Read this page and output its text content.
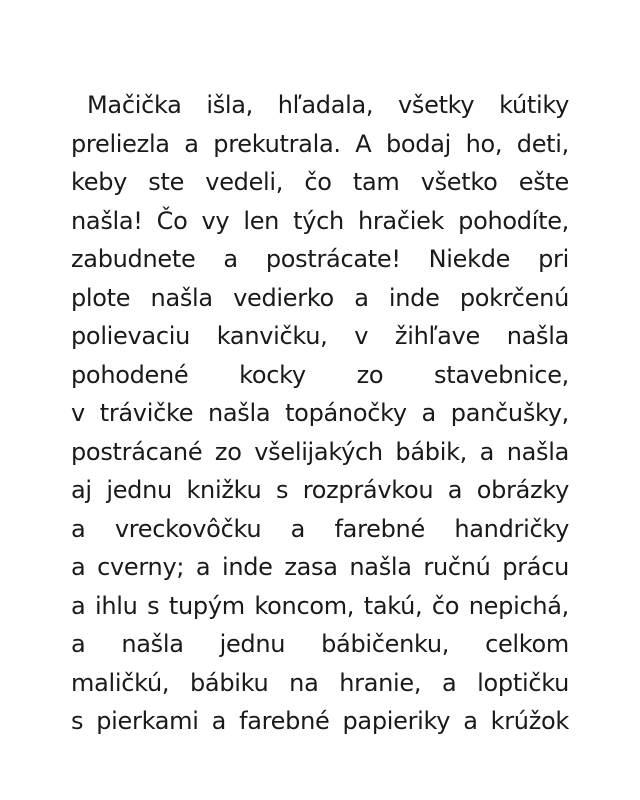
Mačička išla, hľadala, všetky kútiky
preliezla a prekutrala. A bodaj ho, deti,
keby ste vedeli, čo tam všetko ešte
našla! Čo vy len tých hračiek pohodíte,
zabudnete a postrácate! Niekde pri
plote našla vedierko a inde pokrčenú
polievaciu kanvičku, v žihľave našla
pohodené kocky zo stavebnice,
v trávičke našla topánočky a pančušky,
postrácané zo všelijakých bábik, a našla
aj jednu knižku s rozprávkou a obrázky
a vreckovôčku a farebné handričky
a cverny; a inde zasa našla ručnú prácu
a ihlu s tupým koncom, takú, čo nepichá,
a našla jednu bábičenku, celkom
maličkú, bábiku na hranie, a loptičku
s pierkami a farebné papieriky a krúžok
